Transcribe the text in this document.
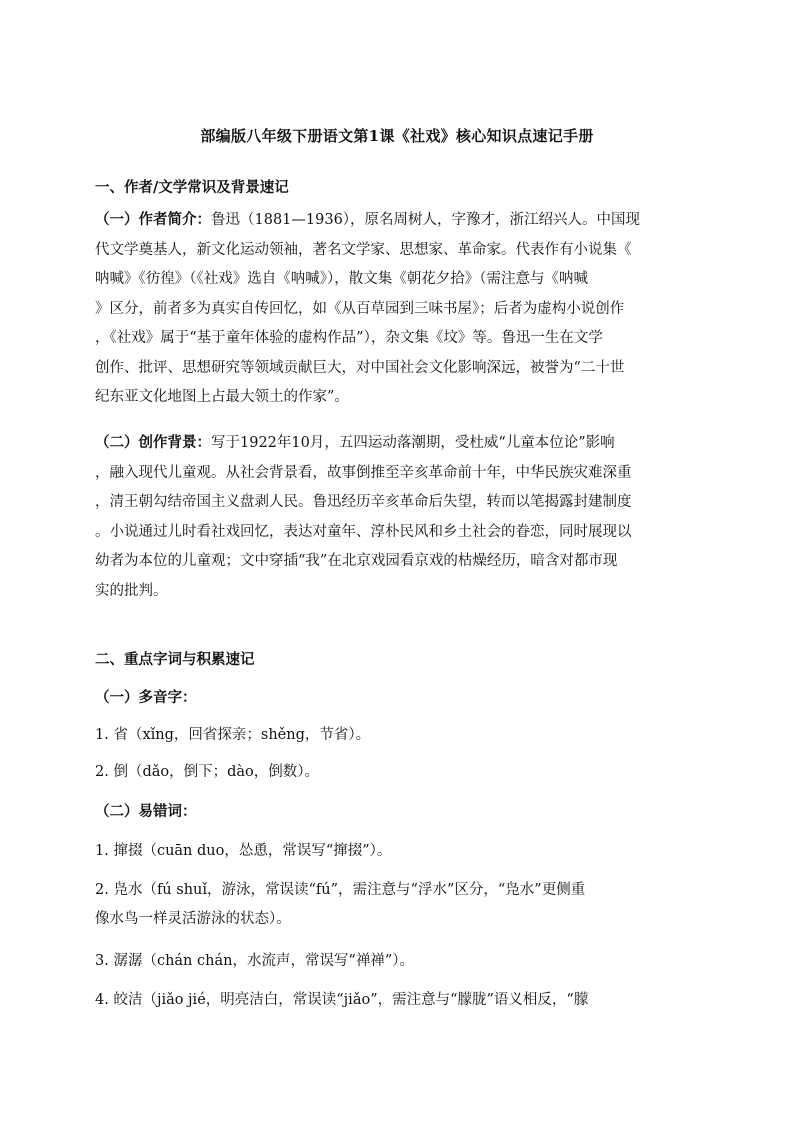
部编版八年级下册语文第1课《社戏》核心知识点速记手册
一、作者/文学常识及背景速记
（一）作者简介：鲁迅（1881—1936），原名周树人，字豫才，浙江绍兴人。中国现
代文学奠基人，新文化运动领袖，著名文学家、思想家、革命家。代表作有小说集《
呐喊》《彷徨》（《社戏》选自《呐喊》），散文集《朝花夕拾》（需注意与《呐喊
》区分，前者多为真实自传回忆，如《从百草园到三味书屋》；后者为虚构小说创作
，《社戏》属于“基于童年体验的虚构作品”），杂文集《坟》等。鲁迅一生在文学
创作、批评、思想研究等领域贡献巨大，对中国社会文化影响深远，被誉为“二十世
纪东亚文化地图上占最大领土的作家”。
（二）创作背景：写于1922年10月，五四运动落潮期，受杜威“儿童本位论”影响
，融入现代儿童观。从社会背景看，故事倒推至辛亥革命前十年，中华民族灾难深重
，清王朝勾结帝国主义盘剥人民。鲁迅经历辛亥革命后失望，转而以笔揭露封建制度
。小说通过儿时看社戏回忆，表达对童年、淳朴民风和乡土社会的眷恋，同时展现以
幼者为本位的儿童观；文中穿插“我”在北京戏园看京戏的枯燥经历，暗含对都市现
实的批判。
二、重点字词与积累速记
（一）多音字：
1. 省（xǐng，回省探亲；shěng，节省）。
2. 倒（dǎo，倒下；dào，倒数）。
（二）易错词：
1. 撺掇（cuān duo，怂恿，常误写“撺掇”）。
2. 凫水（fú shuǐ，游泳，常误读“fú”，需注意与“浮水”区分，“凫水”更侧重
像水鸟一样灵活游泳的状态）。
3. 潺潺（chán chán，水流声，常误写“禅禅”）。
4. 皎洁（jiǎo jié，明亮洁白，常误读“jiǎo”，需注意与“朦胧”语义相反，“朦
